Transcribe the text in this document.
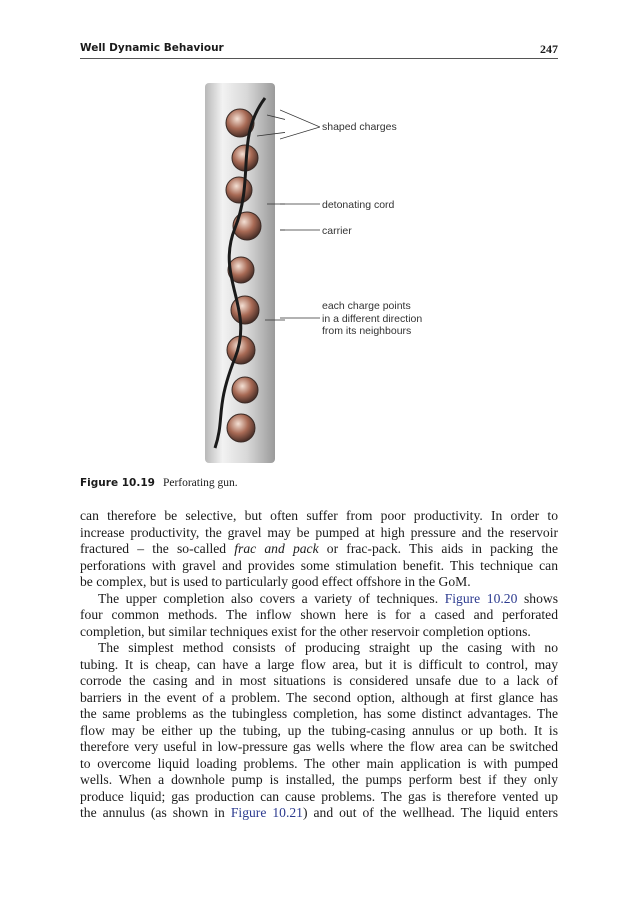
Well Dynamic Behaviour	247
shaped charges
detonating cord
carrier
each charge points
in a different direction
from its neighbours
Figure 10.19 Perforating gun.
can therefore be selective, but often suffer from poor productivity. In order to
increase productivity, the gravel may be pumped at high pressure and the reservoir
fractured – the so-called frac and pack or frac-pack. This aids in packing the
perforations with gravel and provides some stimulation benefit. This technique can
be complex, but is used to particularly good effect offshore in the GoM.
The upper completion also covers a variety of techniques. Figure 10.20 shows
four common methods. The inflow shown here is for a cased and perforated
completion, but similar techniques exist for the other reservoir completion options.
The simplest method consists of producing straight up the casing with no
tubing. It is cheap, can have a large flow area, but it is difficult to control, may
corrode the casing and in most situations is considered unsafe due to a lack of
barriers in the event of a problem. The second option, although at first glance has
the same problems as the tubingless completion, has some distinct advantages. The
flow may be either up the tubing, up the tubing-casing annulus or up both. It is
therefore very useful in low-pressure gas wells where the flow area can be switched
to overcome liquid loading problems. The other main application is with pumped
wells. When a downhole pump is installed, the pumps perform best if they only
produce liquid; gas production can cause problems. The gas is therefore vented up
the annulus (as shown in Figure 10.21) and out of the wellhead. The liquid enters
